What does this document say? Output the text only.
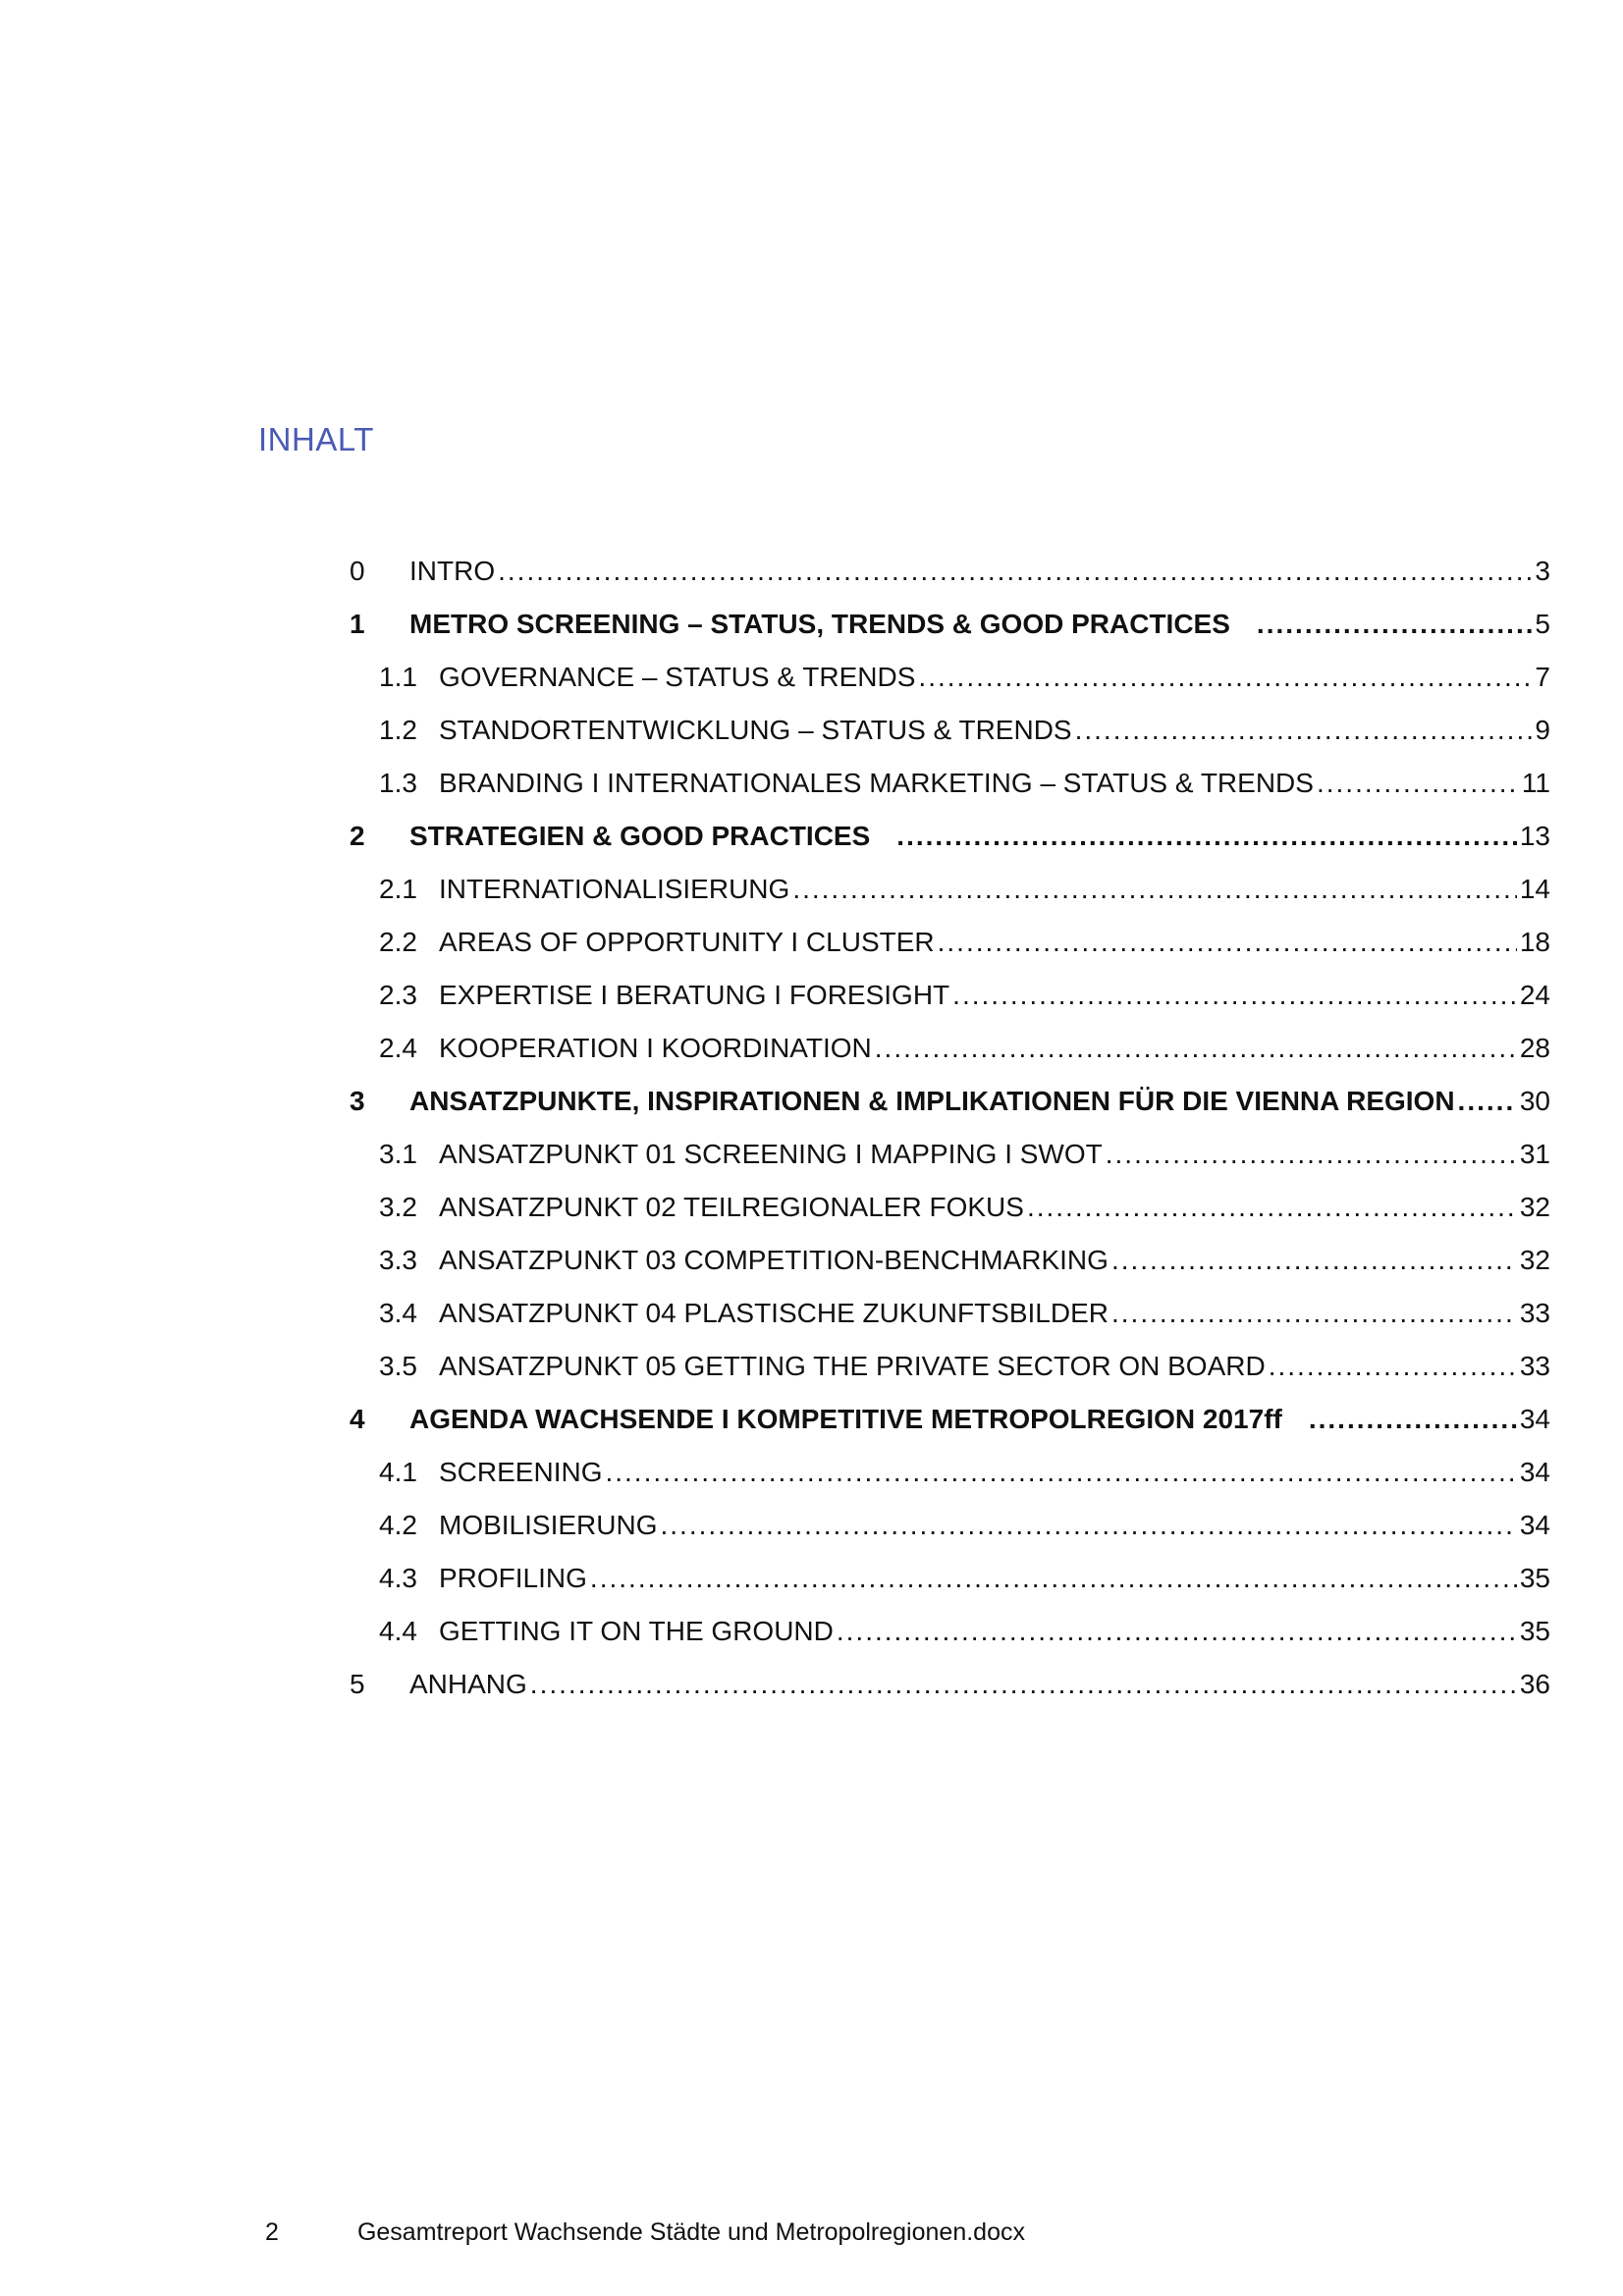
INHALT
0	INTRO .....	3
1	METRO SCREENING – STATUS, TRENDS & GOOD PRACTICES .....	5
1.1 GOVERNANCE – STATUS & TRENDS .....	7
1.2 STANDORTENTWICKLUNG – STATUS & TRENDS .....	9
1.3 BRANDING I INTERNATIONALES MARKETING – STATUS & TRENDS .....	11
2	STRATEGIEN & GOOD PRACTICES .....	13
2.1 INTERNATIONALISIERUNG .....	14
2.2 AREAS OF OPPORTUNITY I CLUSTER .....	18
2.3 EXPERTISE I BERATUNG I FORESIGHT .....	24
2.4 KOOPERATION I KOORDINATION .....	28
3	ANSATZPUNKTE, INSPIRATIONEN & IMPLIKATIONEN FÜR DIE VIENNA REGION ..... 30
3.1 ANSATZPUNKT 01 SCREENING I MAPPING I SWOT .....	31
3.2 ANSATZPUNKT 02 TEILREGIONALER FOKUS .....	32
3.3 ANSATZPUNKT 03 COMPETITION-BENCHMARKING .....	32
3.4 ANSATZPUNKT 04 PLASTISCHE ZUKUNFTSBILDER .....	33
3.5 ANSATZPUNKT 05 GETTING THE PRIVATE SECTOR ON BOARD .....	33
4	AGENDA WACHSENDE I KOMPETITIVE METROPOLREGION 2017ff .....	34
4.1 SCREENING .....	34
4.2 MOBILISIERUNG .....	34
4.3 PROFILING .....	35
4.4 GETTING IT ON THE GROUND .....	35
5	ANHANG .....	36
2	Gesamtreport Wachsende Städte und Metropolregionen.docx
